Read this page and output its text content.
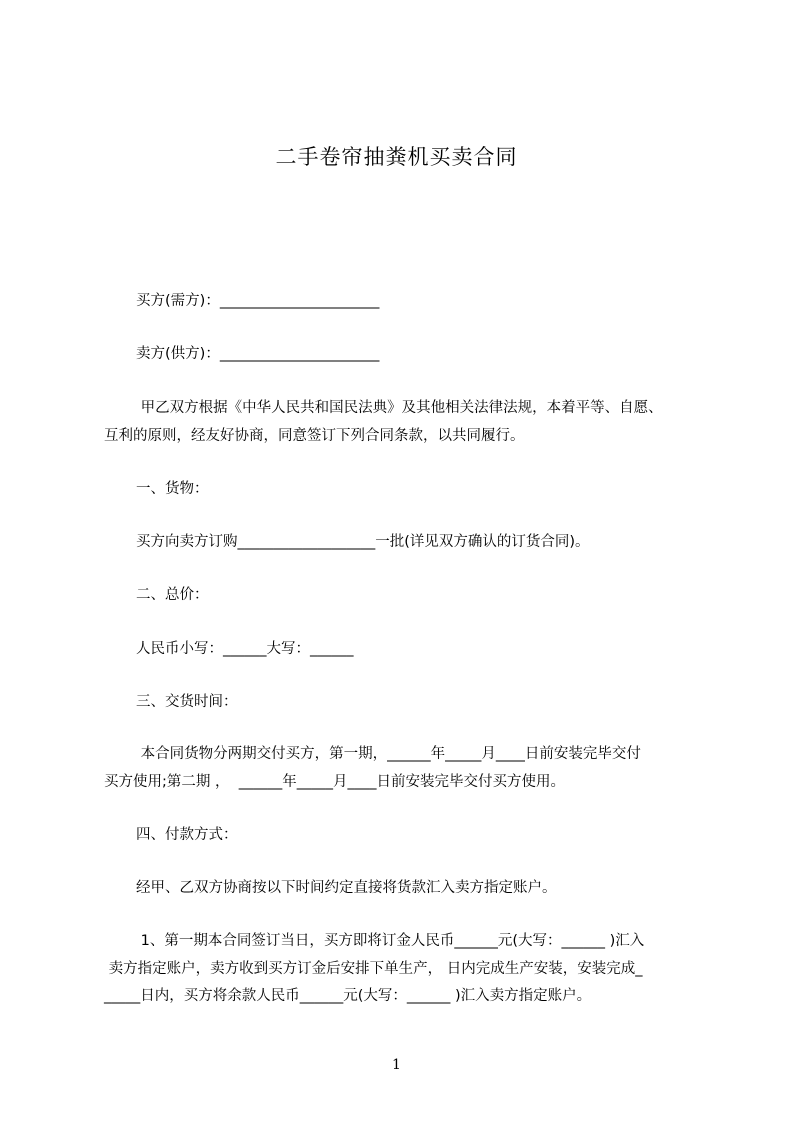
二手卷帘抽粪机买卖合同
买方(需方)：______________________
卖方(供方)：______________________
甲乙双方根据《中华人民共和国民法典》及其他相关法律法规，本着平等、自愿、
互利的原则，经友好协商，同意签订下列合同条款，以共同履行。
一、货物：
买方向卖方订购___________________一批(详见双方确认的订货合同)。
二、总价：
人民币小写：______大写：______
三、交货时间：
本合同货物分两期交付买方，第一期，______年_____月____日前安装完毕交付
买方使用;第二期 ，  ______年_____月____日前安装完毕交付买方使用。
四、付款方式：
经甲、乙双方协商按以下时间约定直接将货款汇入卖方指定账户。
1、第一期本合同签订当日，买方即将订金人民币______元(大写：______ )汇入
卖方指定账户，卖方收到买方订金后安排下单生产， 日内完成生产安装，安装完成_
_____日内，买方将余款人民币______元(大写：______ )汇入卖方指定账户。
1
